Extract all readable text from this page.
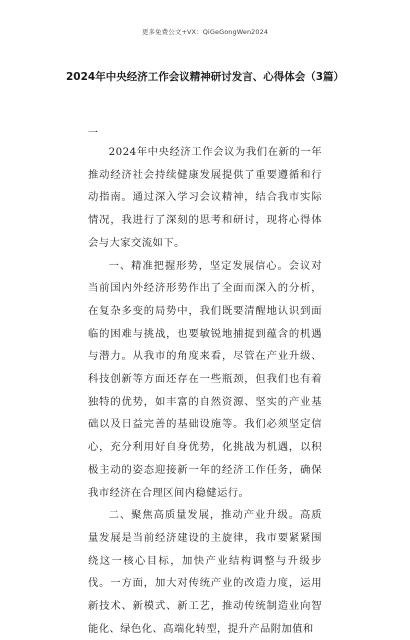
更多免费公文+VX：QiGeGongWen2024
2024年中央经济工作会议精神研讨发言、心得体会（3篇）
一

2024年中央经济工作会议为我们在新的一年推动经济社会持续健康发展提供了重要遵循和行动指南。通过深入学习会议精神，结合我市实际情况，我进行了深刻的思考和研讨，现将心得体会与大家交流如下。

一、精准把握形势，坚定发展信心。会议对当前国内外经济形势作出了全面而深入的分析，在复杂多变的局势中，我们既要清醒地认识到面临的困难与挑战，也要敏锐地捕捉到蕴含的机遇与潜力。从我市的角度来看，尽管在产业升级、科技创新等方面还存在一些瓶颈，但我们也有着独特的优势，如丰富的自然资源、坚实的产业基础以及日益完善的基础设施等。我们必须坚定信心，充分利用好自身优势，化挑战为机遇，以积极主动的姿态迎接新一年的经济工作任务，确保我市经济在合理区间内稳健运行。

二、聚焦高质量发展，推动产业升级。高质量发展是当前经济建设的主旋律，我市要紧紧围绕这一核心目标，加快产业结构调整与升级步伐。一方面，加大对传统产业的改造力度，运用新技术、新模式、新工艺，推动传统制造业向智能化、绿色化、高端化转型，提升产品附加值和
